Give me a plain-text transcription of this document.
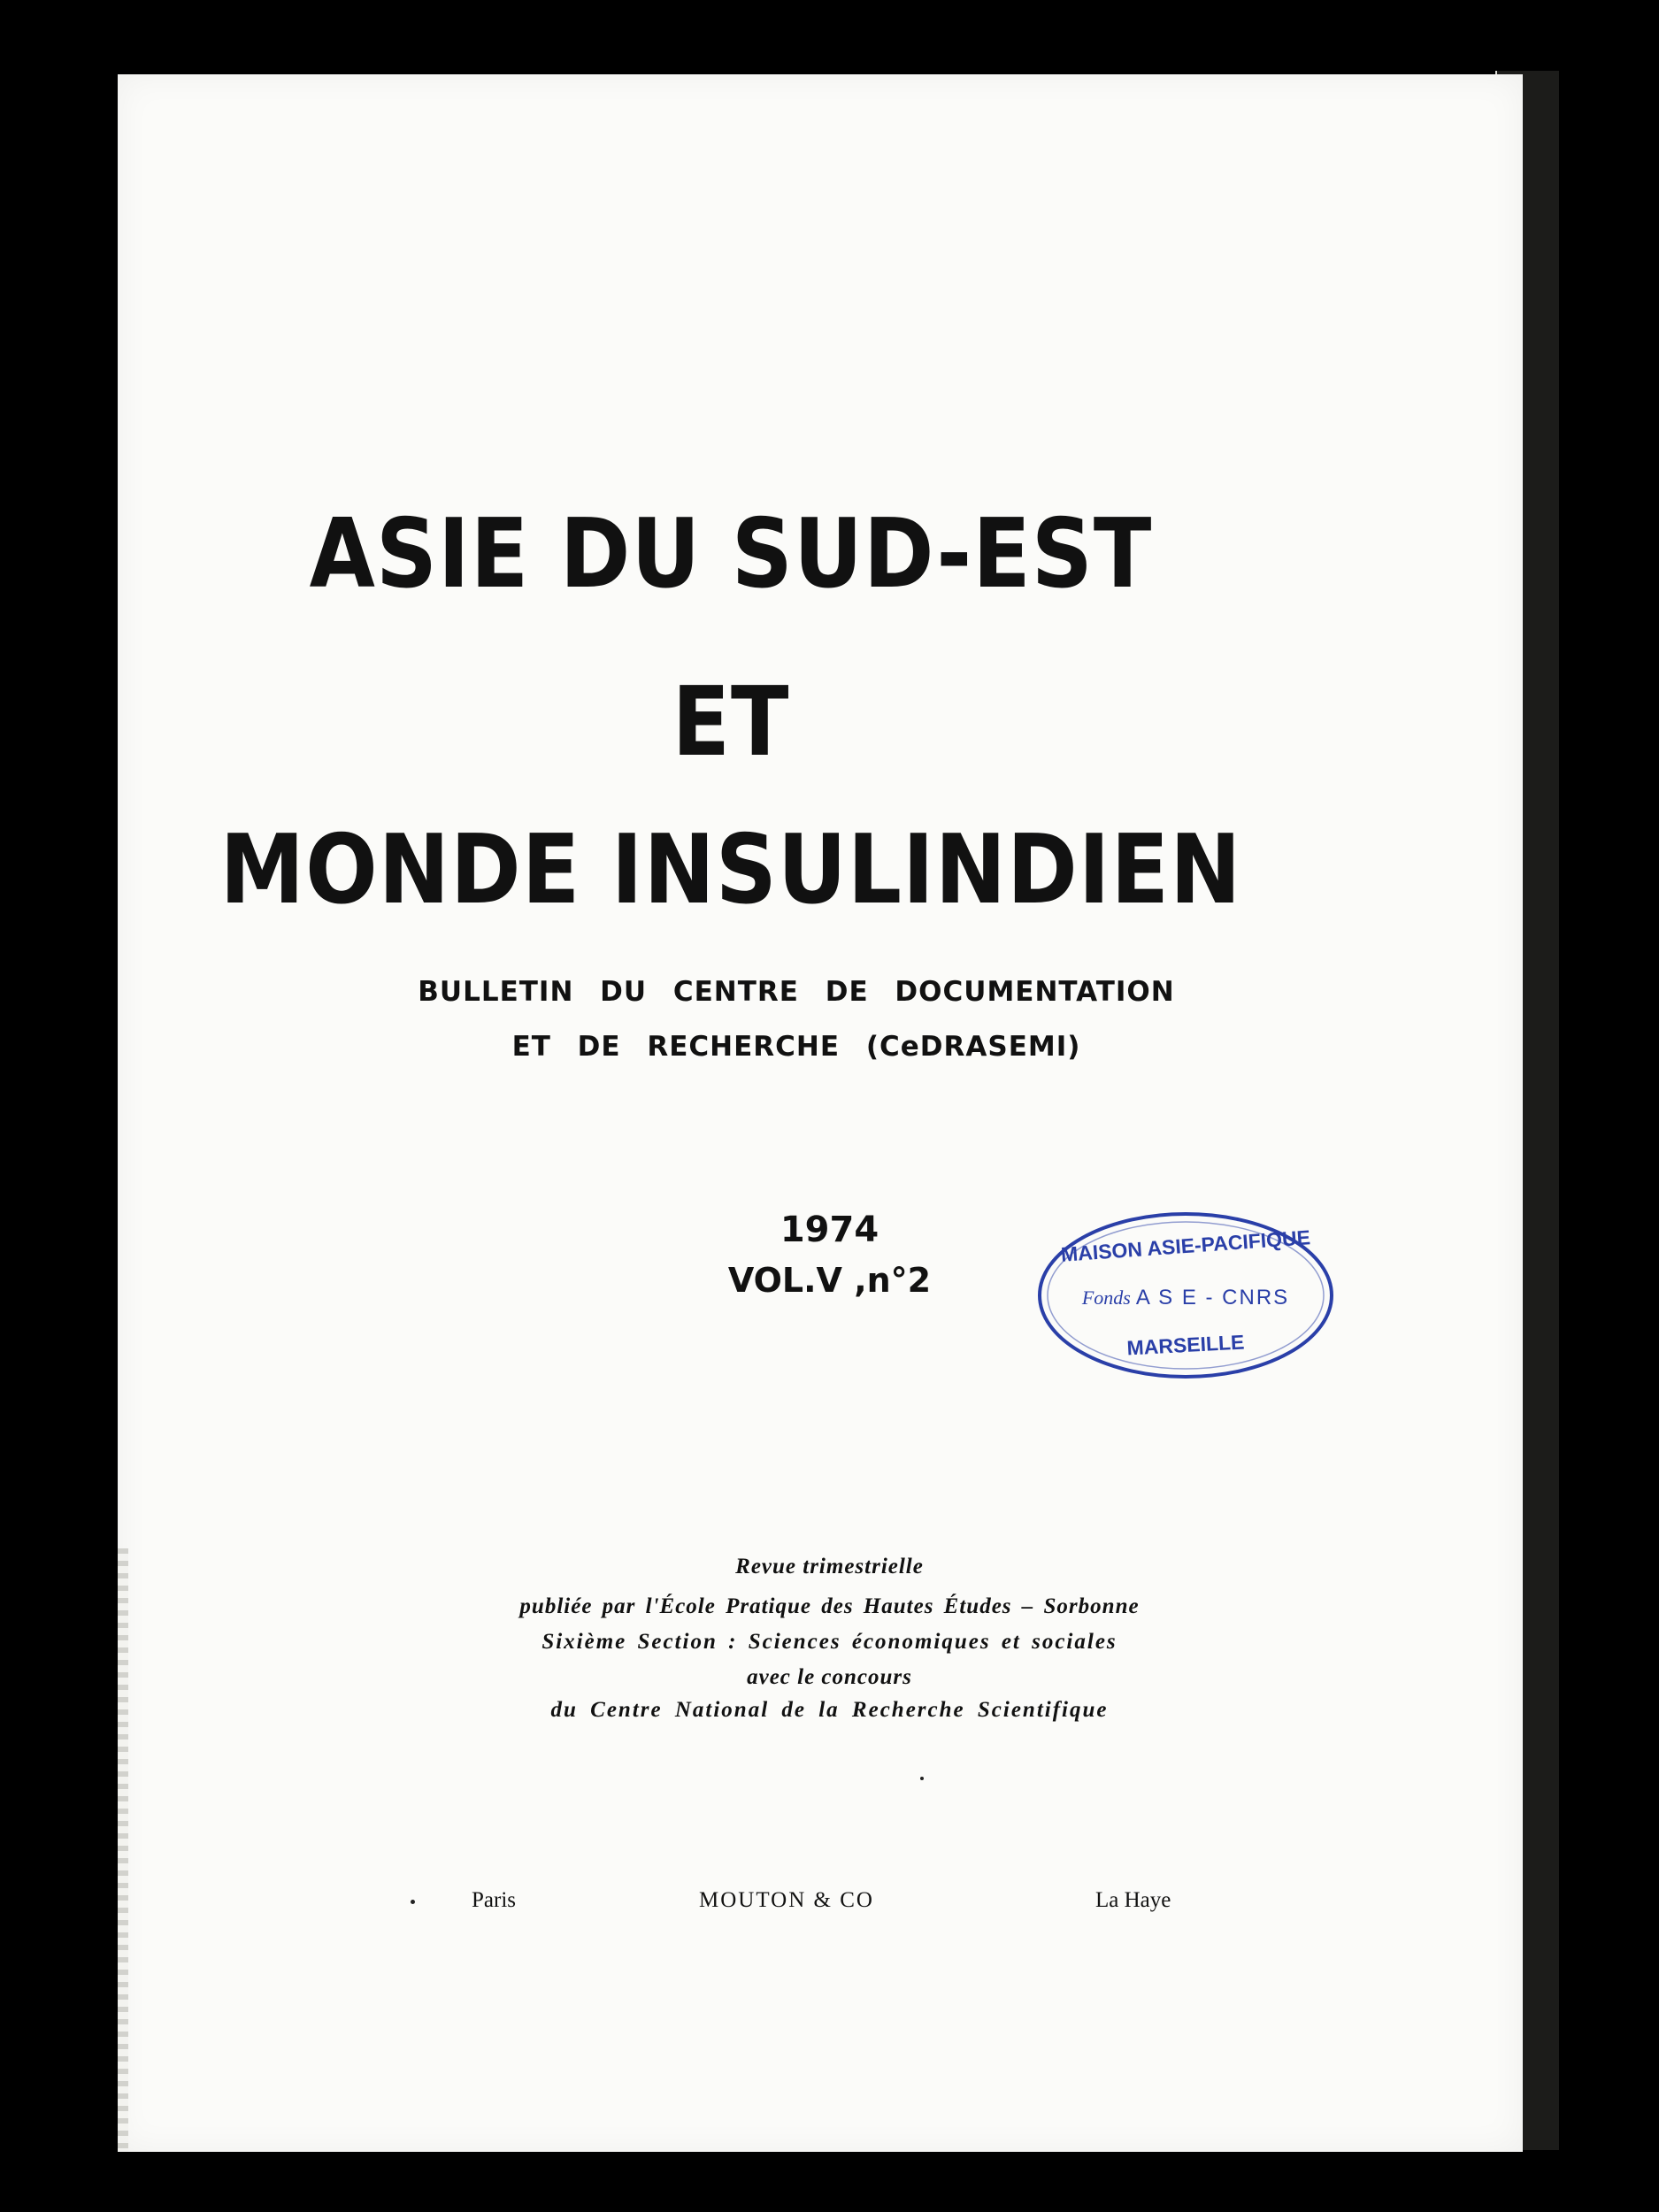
ASIE DU SUD-EST
ET
MONDE INSULINDIEN
BULLETIN DU CENTRE DE DOCUMENTATION
ET DE RECHERCHE (CeDRASEMI)
1974
VOL.V ,n°2
MAISON ASIE-PACIFIQUE
Fonds A S E - CNRS
MARSEILLE
Revue trimestrielle
publiée par l'École Pratique des Hautes Études – Sorbonne
Sixième Section : Sciences économiques et sociales
avec le concours
du Centre National de la Recherche Scientifique
Paris	MOUTON & CO	La Haye
